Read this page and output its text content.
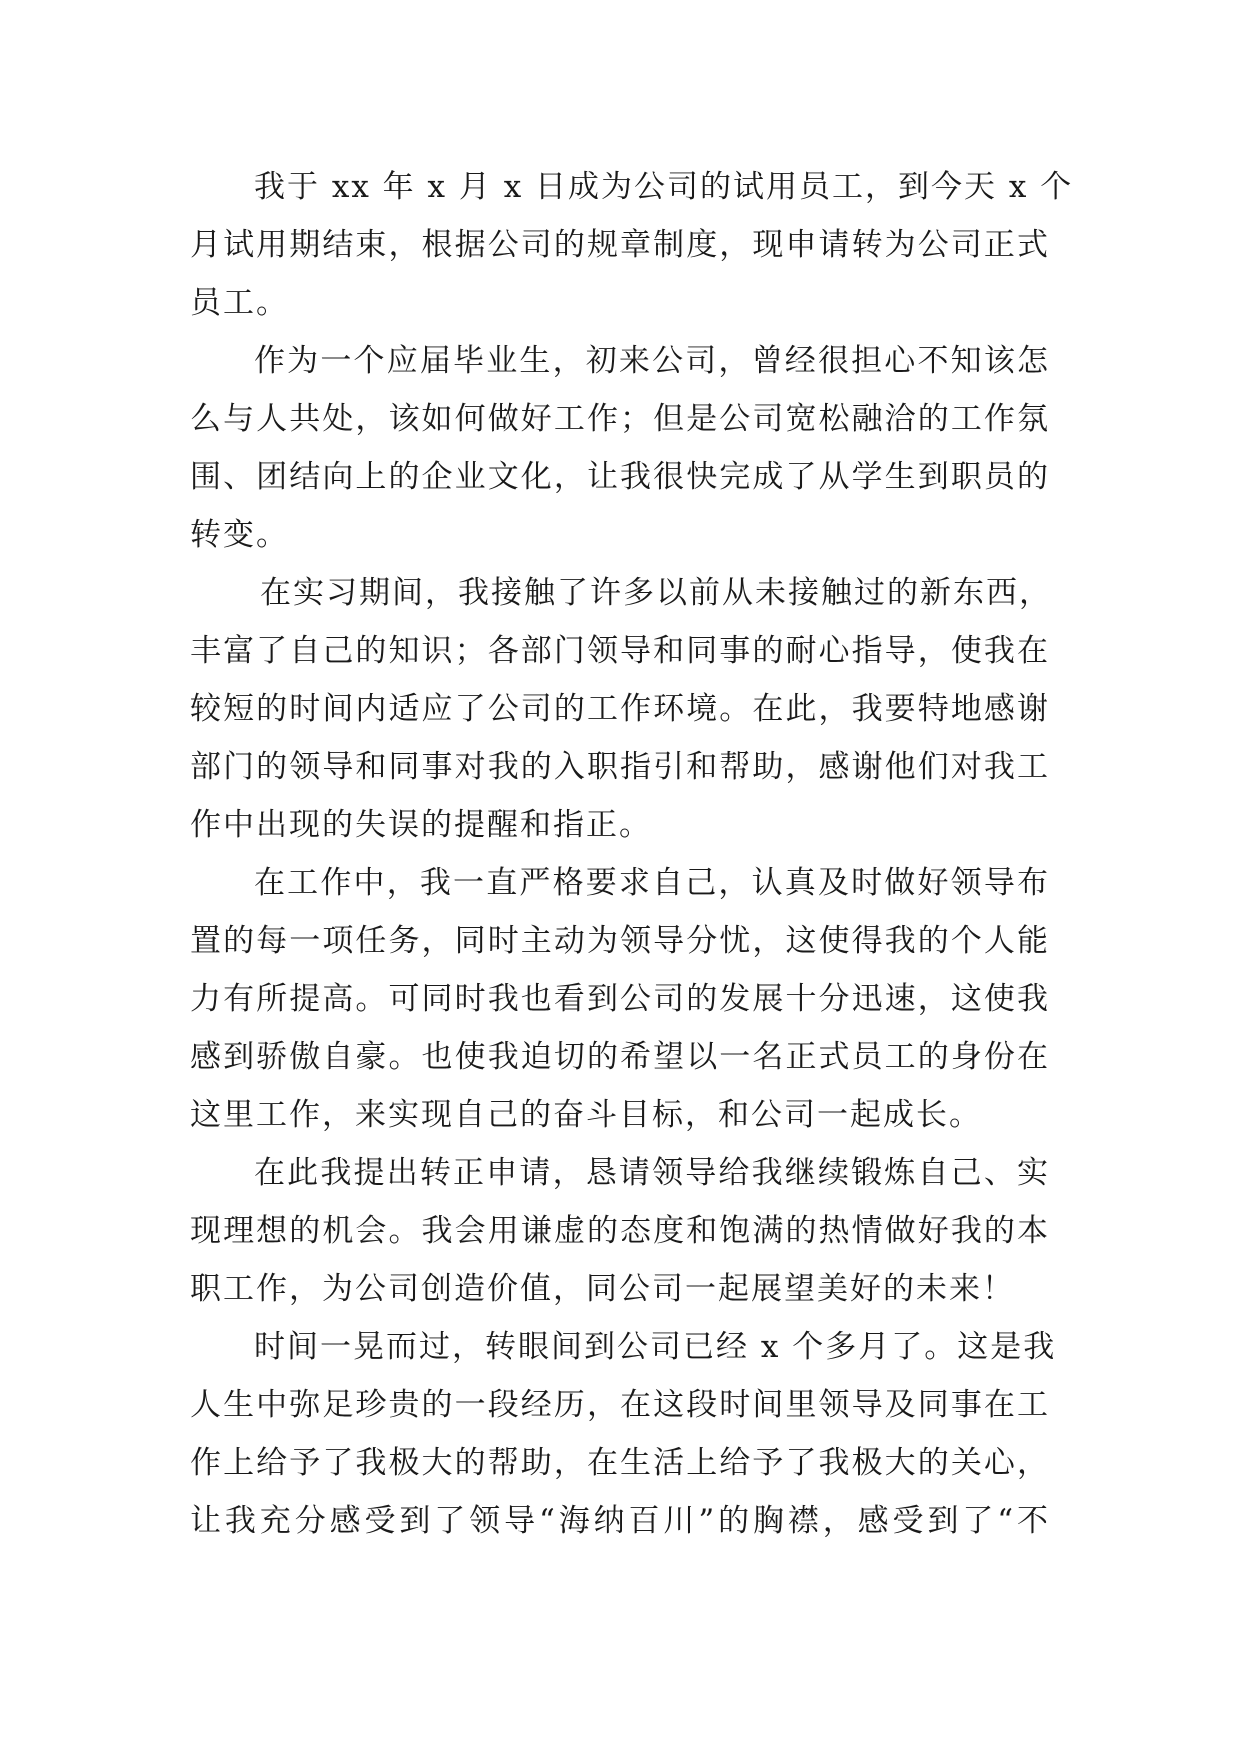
我于 xx 年 x 月 x 日成为公司的试用员工，到今天 x 个
月试用期结束，根据公司的规章制度，现申请转为公司正式
员工。
作为一个应届毕业生，初来公司，曾经很担心不知该怎
么与人共处，该如何做好工作；但是公司宽松融洽的工作氛
围、团结向上的企业文化，让我很快完成了从学生到职员的
转变。
在实习期间，我接触了许多以前从未接触过的新东西，
丰富了自己的知识；各部门领导和同事的耐心指导，使我在
较短的时间内适应了公司的工作环境。在此，我要特地感谢
部门的领导和同事对我的入职指引和帮助，感谢他们对我工
作中出现的失误的提醒和指正。
在工作中，我一直严格要求自己，认真及时做好领导布
置的每一项任务，同时主动为领导分忧，这使得我的个人能
力有所提高。可同时我也看到公司的发展十分迅速，这使我
感到骄傲自豪。也使我迫切的希望以一名正式员工的身份在
这里工作，来实现自己的奋斗目标，和公司一起成长。
在此我提出转正申请，恳请领导给我继续锻炼自己、实
现理想的机会。我会用谦虚的态度和饱满的热情做好我的本
职工作，为公司创造价值，同公司一起展望美好的未来！
时间一晃而过，转眼间到公司已经 x 个多月了。这是我
人生中弥足珍贵的一段经历，在这段时间里领导及同事在工
作上给予了我极大的帮助，在生活上给予了我极大的关心，
让我充分感受到了领导“海纳百川”的胸襟，感受到了“不
